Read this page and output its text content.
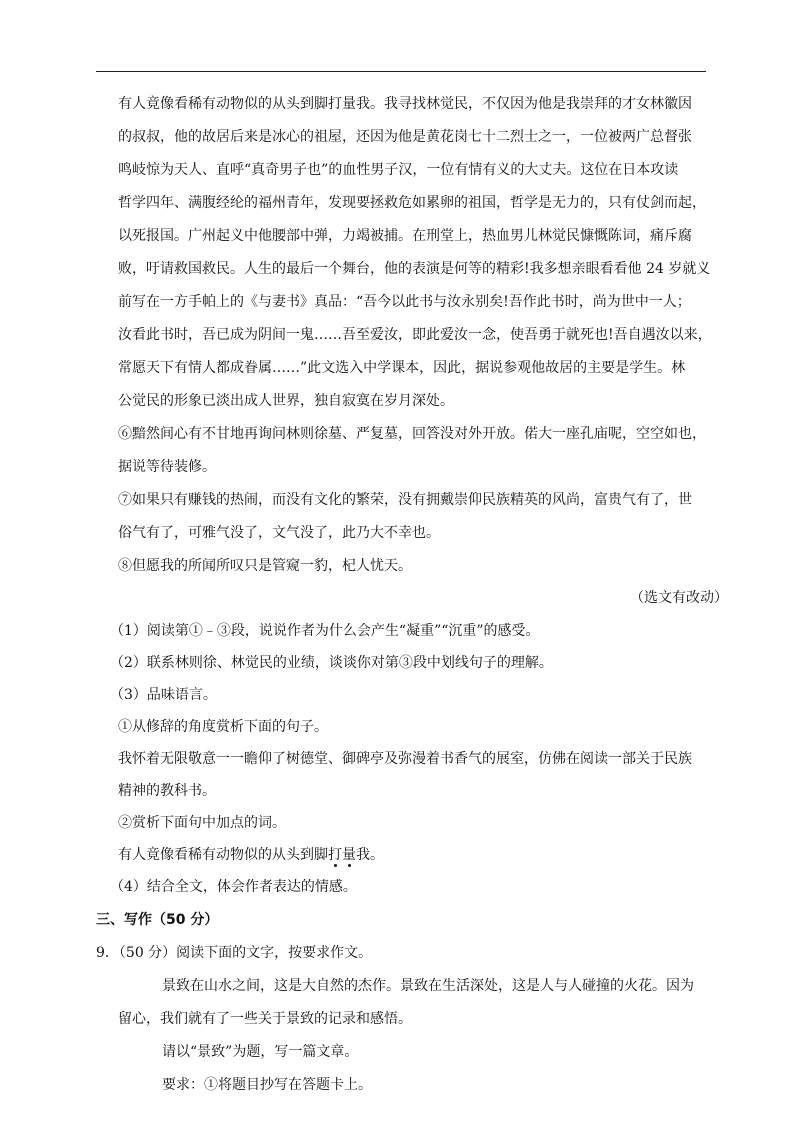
有人竟像看稀有动物似的从头到脚打量我。我寻找林觉民，不仅因为他是我崇拜的才女林徽因
的叔叔，他的故居后来是冰心的祖屋，还因为他是黄花岗七十二烈士之一，一位被两广总督张
鸣岐惊为天人、直呼“真奇男子也”的血性男子汉，一位有情有义的大丈夫。这位在日本攻读
哲学四年、满腹经纶的福州青年，发现要拯救危如累卵的祖国，哲学是无力的，只有仗剑而起，
以死报国。广州起义中他腰部中弹，力竭被捕。在刑堂上，热血男儿林觉民慷慨陈词，痛斥腐
败，吁请救国救民。人生的最后一个舞台，他的表演是何等的精彩!我多想亲眼看看他 24 岁就义
前写在一方手帕上的《与妻书》真品：“吾今以此书与汝永别矣!吾作此书时，尚为世中一人；
汝看此书时，吾已成为阴间一鬼……吾至爱汝，即此爱汝一念，使吾勇于就死也!吾自遇汝以来，
常愿天下有情人都成眷属……”此文选入中学课本，因此，据说参观他故居的主要是学生。林
公觉民的形象已淡出成人世界，独自寂寞在岁月深处。
⑥黯然间心有不甘地再询问林则徐墓、严复墓，回答没对外开放。偌大一座孔庙呢，空空如也，
据说等待装修。
⑦如果只有赚钱的热闹，而没有文化的繁荣，没有拥戴崇仰民族精英的风尚，富贵气有了，世
俗气有了，可雅气没了，文气没了，此乃大不幸也。
⑧但愿我的所闻所叹只是管窥一豹，杞人忧天。
（选文有改动）
（1）阅读第①﹣③段，说说作者为什么会产生“凝重”“沉重”的感受。
（2）联系林则徐、林觉民的业绩，谈谈你对第③段中划线句子的理解。
（3）品味语言。
①从修辞的角度赏析下面的句子。
我怀着无限敬意一一瞻仰了树德堂、御碑亭及弥漫着书香气的展室，仿佛在阅读一部关于民族
精神的教科书。
②赏析下面句中加点的词。
有人竟像看稀有动物似的从头到脚打量我。
（4）结合全文，体会作者表达的情感。
三、写作（50 分）
9．（50 分）阅读下面的文字，按要求作文。
景致在山水之间，这是大自然的杰作。景致在生活深处，这是人与人碰撞的火花。因为
留心，我们就有了一些关于景致的记录和感悟。
请以“景致”为题，写一篇文章。
要求：①将题目抄写在答题卡上。
